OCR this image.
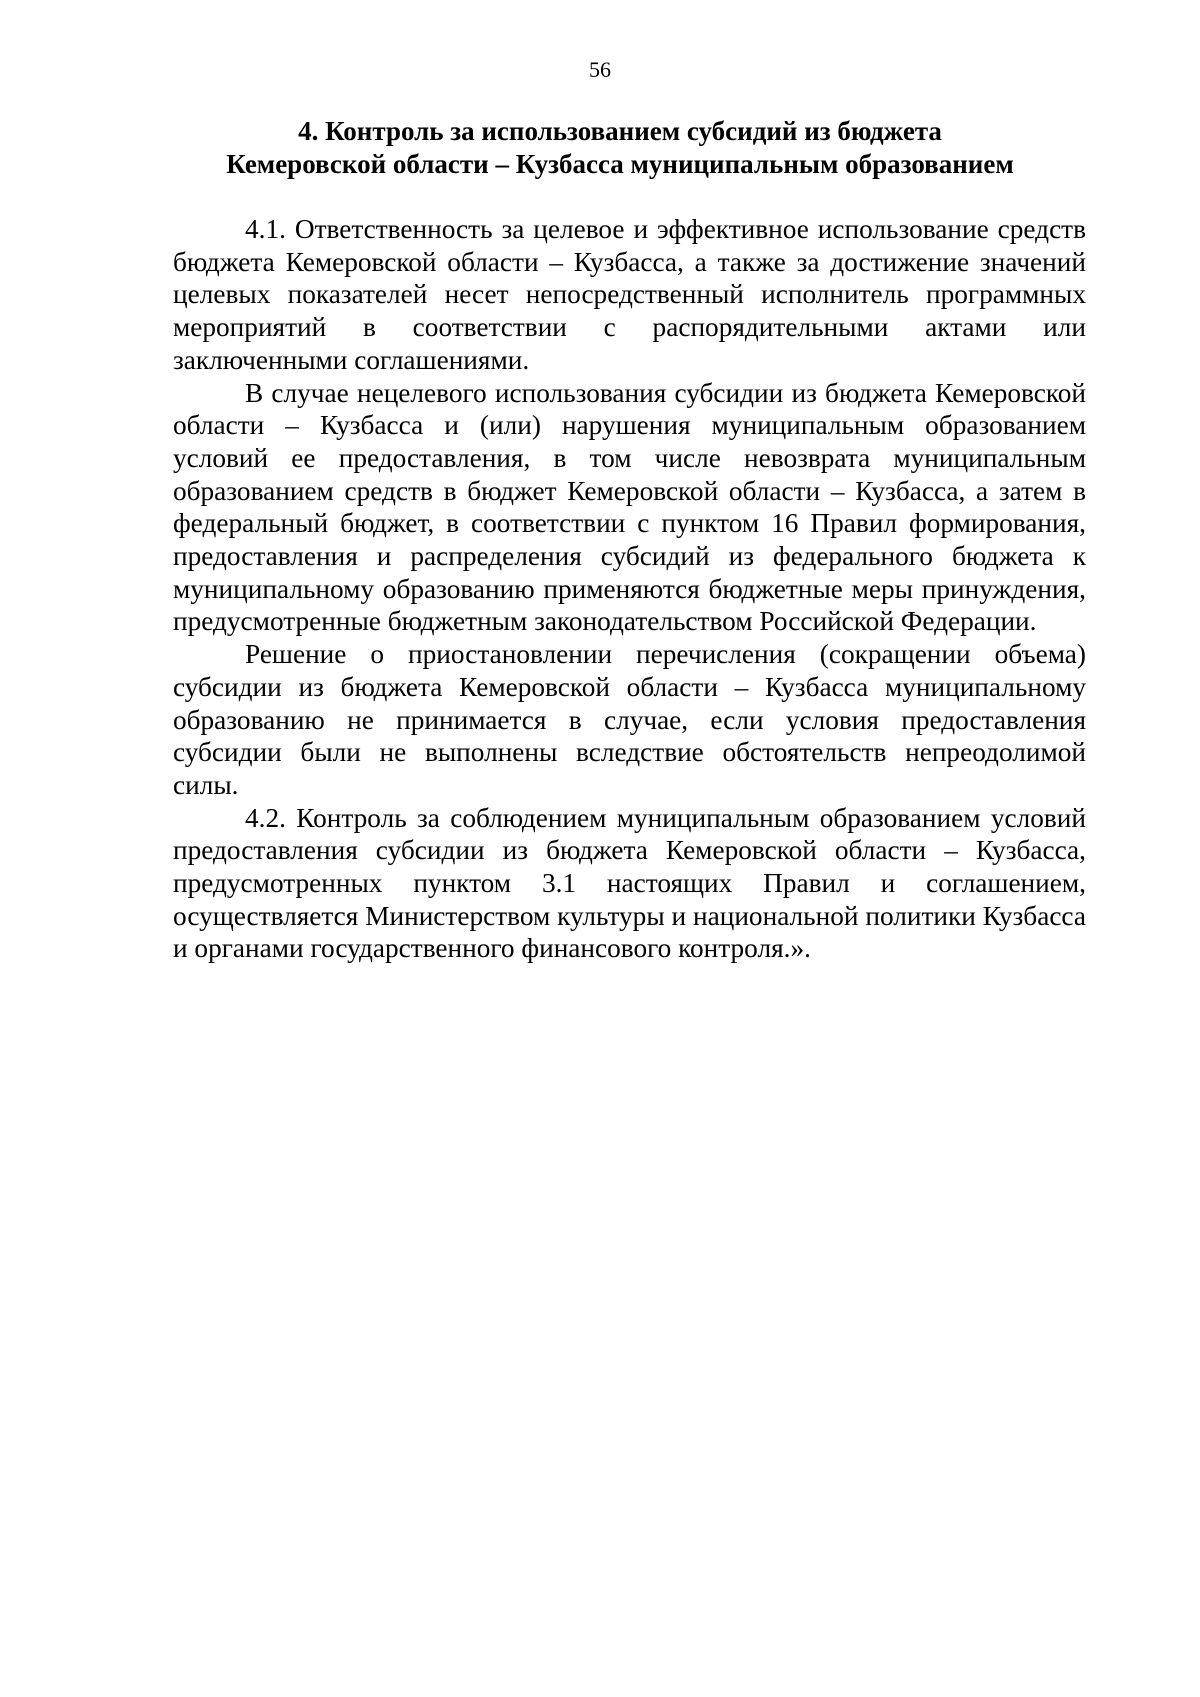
56
4. Контроль за использованием субсидий из бюджета
Кемеровской области – Кузбасса муниципальным образованием

4.1. Ответственность за целевое и эффективное использование средств бюджета Кемеровской области – Кузбасса, а также за достижение значений целевых показателей несет непосредственный исполнитель программных мероприятий в соответствии с распорядительными актами или заключенными соглашениями.

В случае нецелевого использования субсидии из бюджета Кемеровской области – Кузбасса и (или) нарушения муниципальным образованием условий ее предоставления, в том числе невозврата муниципальным образованием средств в бюджет Кемеровской области – Кузбасса, а затем в федеральный бюджет, в соответствии с пунктом 16 Правил формирования, предоставления и распределения субсидий из федерального бюджета к муниципальному образованию применяются бюджетные меры принуждения, предусмотренные бюджетным законодательством Российской Федерации.

Решение о приостановлении перечисления (сокращении объема) субсидии из бюджета Кемеровской области – Кузбасса муниципальному образованию не принимается в случае, если условия предоставления субсидии были не выполнены вследствие обстоятельств непреодолимой силы.

4.2. Контроль за соблюдением муниципальным образованием условий предоставления субсидии из бюджета Кемеровской области – Кузбасса, предусмотренных пунктом 3.1 настоящих Правил и соглашением, осуществляется Министерством культуры и национальной политики Кузбасса и органами государственного финансового контроля.».
